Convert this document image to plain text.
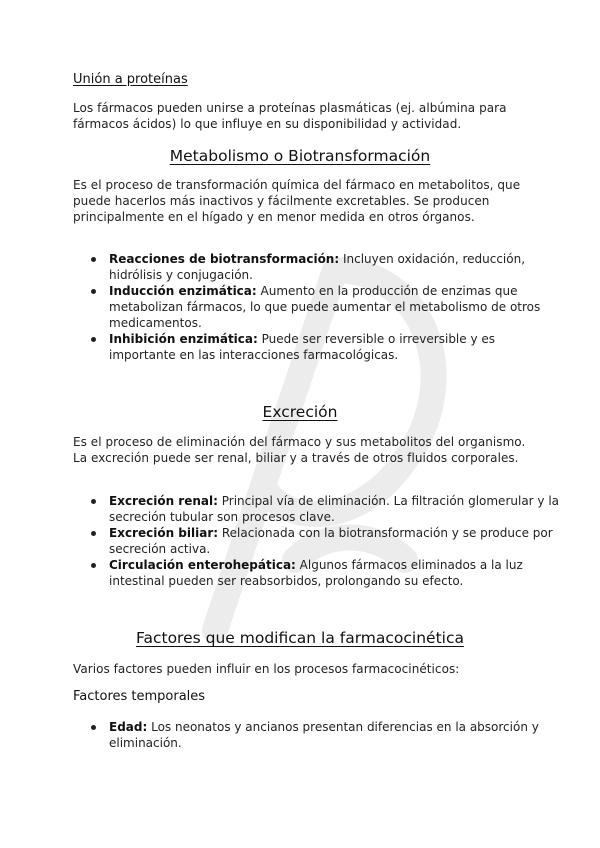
Unión a proteínas
Los fármacos pueden unirse a proteínas plasmáticas (ej. albúmina para fármacos ácidos) lo que influye en su disponibilidad y actividad.
Metabolismo o Biotransformación
Es el proceso de transformación química del fármaco en metabolitos, que puede hacerlos más inactivos y fácilmente excretables. Se producen principalmente en el hígado y en menor medida en otros órganos.
Reacciones de biotransformación: Incluyen oxidación, reducción, hidrólisis y conjugación.
Inducción enzimática: Aumento en la producción de enzimas que metabolizan fármacos, lo que puede aumentar el metabolismo de otros medicamentos.
Inhibición enzimática: Puede ser reversible o irreversible y es importante en las interacciones farmacológicas.
Excreción
Es el proceso de eliminación del fármaco y sus metabolitos del organismo. La excreción puede ser renal, biliar y a través de otros fluidos corporales.
Excreción renal: Principal vía de eliminación. La filtración glomerular y la secreción tubular son procesos clave.
Excreción biliar: Relacionada con la biotransformación y se produce por secreción activa.
Circulación enterohepática: Algunos fármacos eliminados a la luz intestinal pueden ser reabsorbidos, prolongando su efecto.
Factores que modifican la farmacocinética
Varios factores pueden influir en los procesos farmacocinéticos:
Factores temporales
Edad: Los neonatos y ancianos presentan diferencias en la absorción y eliminación.
